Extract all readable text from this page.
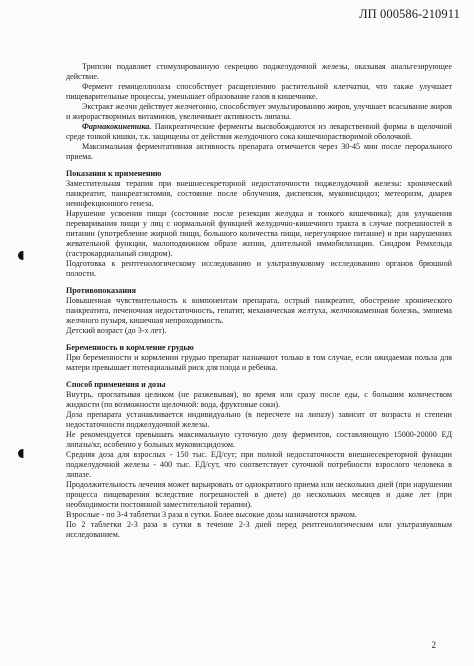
ЛП 000586-210911

Трипсин подавляет стимулированную секрецию поджелудочной железы, оказывая анальгезирующее действие.

Фермент гемицеллюлаза способствует расщеплению растительной клетчатки, что также улучшает пищеварительные процессы, уменьшает образование газов в кишечнике.

Экстракт желчи действует желчегонно, способствует эмульгированию жиров, улучшает всасывание жиров и жирорастворимых витаминов, увеличивает активность липазы.

Фармакокинетика. Панкреатические ферменты высвобождаются из лекарственной формы в щелочной среде тонкой кишки, т.к. защищены от действия желудочного сока кишечнорастворимой оболочкой.

Максимальная ферментативная активность препарата отмечается через 30-45 мин после перорального приема.

Показания к применению

Заместительная терапия при внешнесекреторной недостаточности поджелудочной железы: хронический панкреатит, панкреатэктомия, состояние после облучения, диспепсия, муковисцидоз; метеоризм, диарея неинфекционного генеза.

Нарушение усвоения пищи (состояние после резекции желудка и тонкого кишечника); для улучшения переваривания пищи у лиц с нормальной функцией желудочно-кишечного тракта в случае погрешностей в питании (употребление жирной пищи, большого количества пищи, нерегулярное питание) и при нарушениях жевательной функции, малоподвижном образе жизни, длительной иммобилизации. Синдром Ремхельда (гастрокардиальный синдром).

Подготовка к рентгенологическому исследованию и ультразвуковому исследованию органов брюшной полости.

Противопоказания

Повышенная чувствительность к компонентам препарата, острый панкреатит, обострение хронического панкреатита, печеночная недостаточность, гепатит, механическая желтуха, желчнокаменная болезнь, эмпиема желчного пузыря, кишечная непроходимость.

Детский возраст (до 3-х лет).

Беременность и кормление грудью

При беременности и кормлении грудью препарат назначают только в том случае, если ожидаемая польза для матери превышает потенциальный риск для плода и ребенка.

Способ применения и дозы

Внутрь, проглатывая целиком (не разжевывая), во время или сразу после еды, с большим количеством жидкости (по возможности щелочной: вода, фруктовые соки).

Доза препарата устанавливается индивидуально (в пересчете на липазу) зависит от возраста и степени недостаточности поджелудочной железы.

Не рекомендуется превышать максимальную суточную дозу ферментов, составляющую 15000-20000 ЕД липазы/кг, особенно у больных муковисцидозом.

Средняя доза для взрослых - 150 тыс. ЕД/сут; при полной недостаточности внешнесекреторной функции поджелудочной железы - 400 тыс. ЕД/сут, что соответствует суточной потребности взрослого человека в липазе.

Продолжительность лечения может варьировать от однократного приема или нескольких дней (при нарушении процесса пищеварения вследствие погрешностей в диете) до нескольких месяцев и даже лет (при необходимости постоянной заместительной терапии).

Взрослые - по 3-4 таблетки 3 раза в сутки. Более высокие дозы назначаются врачом.

По 2 таблетки 2-3 раза в сутки в течение 2-3 дней перед рентгенологическим или ультразвуковым исследованием.

2
